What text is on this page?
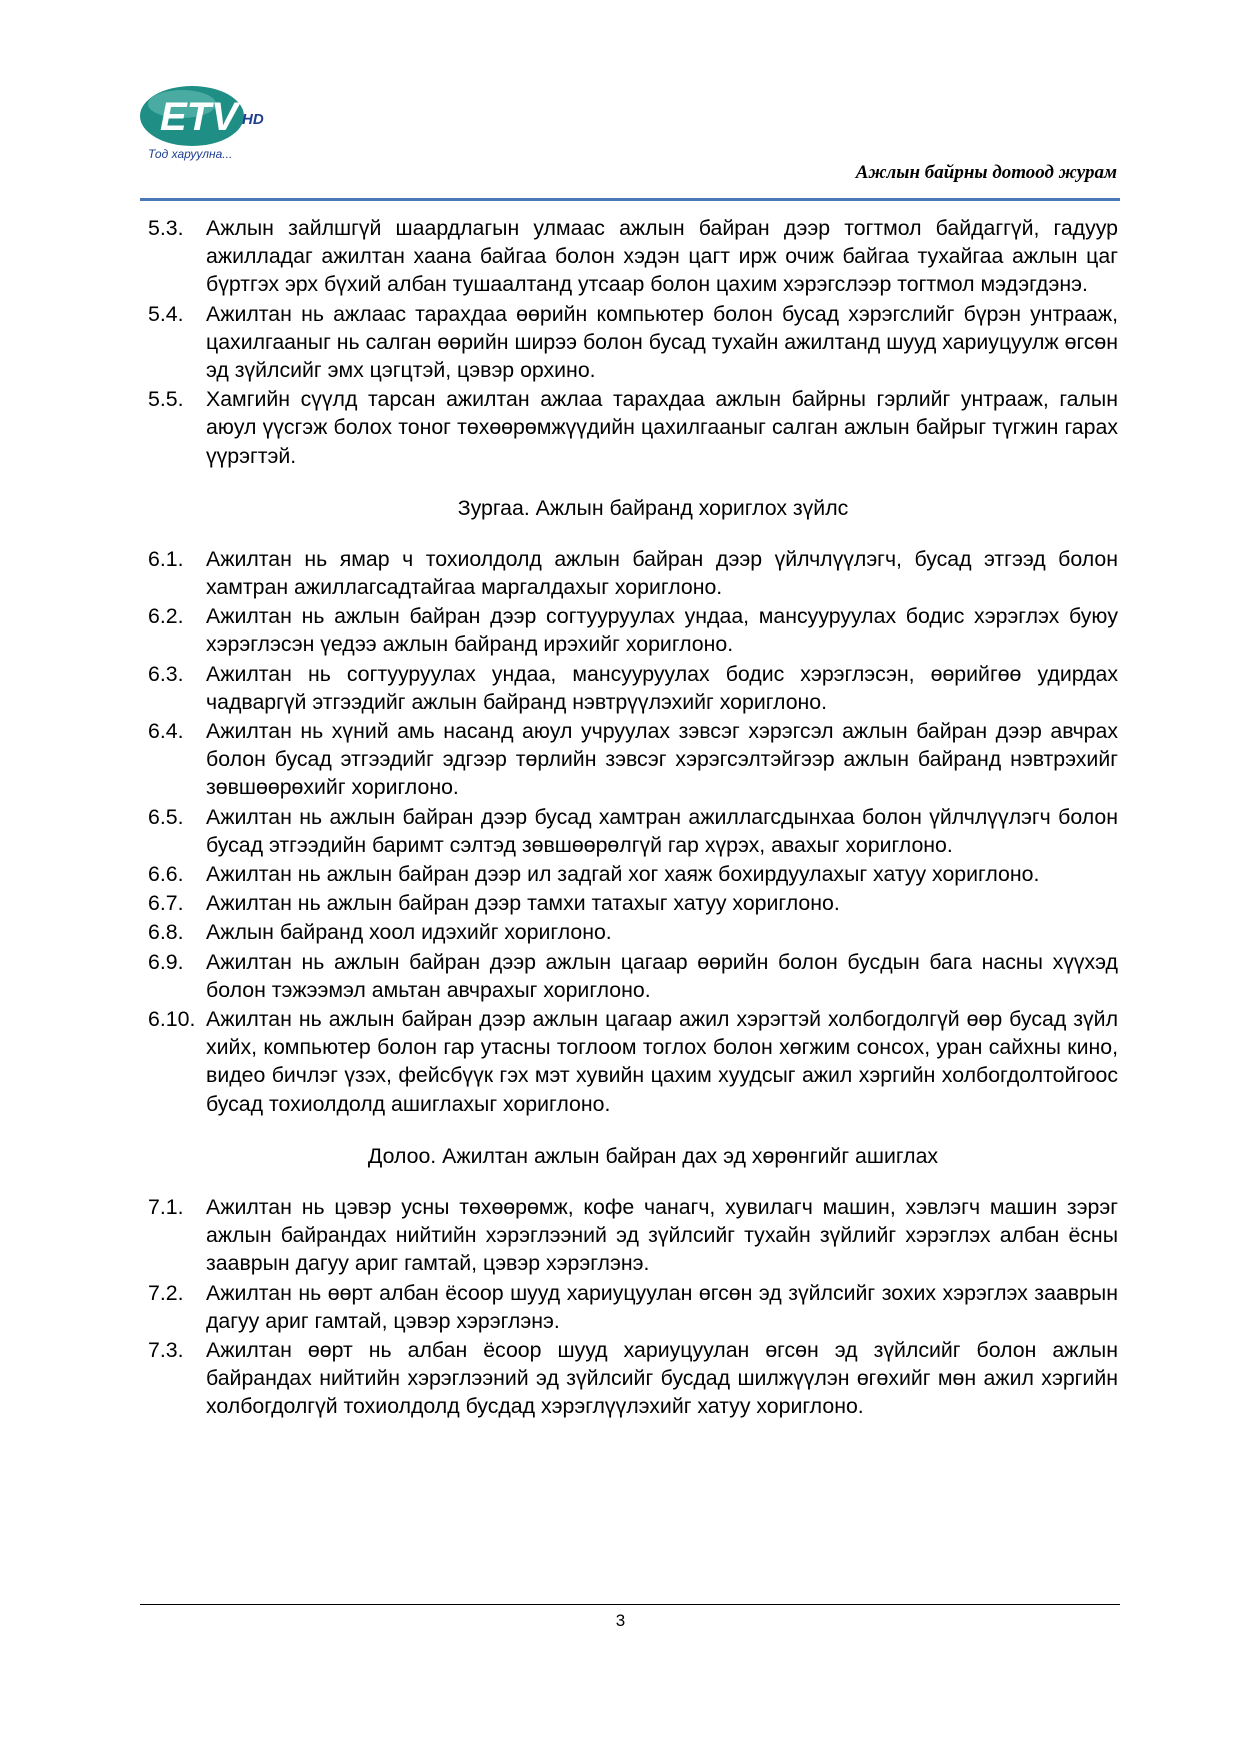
ETV HD
Тод харуулна...
Ажлын байрны дотоод журам
5.3.	Ажлын зайлшгүй шаардлагын улмаас ажлын байран дээр тогтмол байдаггүй, гадуур ажилладаг ажилтан хаана байгаа болон хэдэн цагт ирж очиж байгаа тухайгаа ажлын цаг бүртгэх эрх бүхий албан тушаалтанд утсаар болон цахим хэрэгслээр тогтмол мэдэгдэнэ.
5.4.	Ажилтан нь ажлаас тарахдаа өөрийн компьютер болон бусад хэрэгслийг бүрэн унтрааж, цахилгааныг нь салган өөрийн ширээ болон бусад тухайн ажилтанд шууд хариуцуулж өгсөн эд зүйлсийг эмх цэгцтэй, цэвэр орхино.
5.5.	Хамгийн сүүлд тарсан ажилтан ажлаа тарахдаа ажлын байрны гэрлийг унтрааж, галын аюул үүсгэж болох тоног төхөөрөмжүүдийн цахилгааныг салган ажлын байрыг түгжин гарах үүрэгтэй.
Зургаа. Ажлын байранд хориглох зүйлс
6.1.	Ажилтан нь ямар ч тохиолдолд ажлын байран дээр үйлчлүүлэгч, бусад этгээд болон хамтран ажиллагсадтайгаа маргалдахыг хориглоно.
6.2.	Ажилтан нь ажлын байран дээр согтууруулах ундаа, мансууруулах бодис хэрэглэх буюу хэрэглэсэн үедээ ажлын байранд ирэхийг хориглоно.
6.3.	Ажилтан нь согтууруулах ундаа, мансууруулах бодис хэрэглэсэн, өөрийгөө удирдах чадваргүй этгээдийг ажлын байранд нэвтрүүлэхийг хориглоно.
6.4.	Ажилтан нь хүний амь насанд аюул учруулах зэвсэг хэрэгсэл ажлын байран дээр авчрах болон бусад этгээдийг эдгээр төрлийн зэвсэг хэрэгсэлтэйгээр ажлын байранд нэвтрэхийг зөвшөөрөхийг хориглоно.
6.5.	Ажилтан нь ажлын байран дээр бусад хамтран ажиллагсдынхаа болон үйлчлүүлэгч болон бусад этгээдийн баримт сэлтэд зөвшөөрөлгүй гар хүрэх, авахыг хориглоно.
6.6.	Ажилтан нь ажлын байран дээр ил задгай хог хаяж бохирдуулахыг хатуу хориглоно.
6.7.	Ажилтан нь ажлын байран дээр тамхи татахыг хатуу хориглоно.
6.8.	Ажлын байранд хоол идэхийг хориглоно.
6.9.	Ажилтан нь ажлын байран дээр ажлын цагаар өөрийн болон бусдын бага насны хүүхэд болон тэжээмэл амьтан авчрахыг хориглоно.
6.10. Ажилтан нь ажлын байран дээр ажлын цагаар ажил хэрэгтэй холбогдолгүй өөр бусад зүйл хийх, компьютер болон гар утасны тоглоом тоглох болон хөгжим сонсох, уран сайхны кино, видео бичлэг үзэх, фейсбүүк гэх мэт хувийн цахим хуудсыг ажил хэргийн холбогдолтойгоос бусад тохиолдолд ашиглахыг хориглоно.
Долоо. Ажилтан ажлын байран дах эд хөрөнгийг ашиглах
7.1.	Ажилтан нь цэвэр усны төхөөрөмж, кофе чанагч, хувилагч машин, хэвлэгч машин зэрэг ажлын байрандах нийтийн хэрэглээний эд зүйлсийг тухайн зүйлийг хэрэглэх албан ёсны зааврын дагуу ариг гамтай, цэвэр хэрэглэнэ.
7.2.	Ажилтан нь өөрт албан ёсоор шууд хариуцуулан өгсөн эд зүйлсийг зохих хэрэглэх зааврын дагуу ариг гамтай, цэвэр хэрэглэнэ.
7.3.	Ажилтан өөрт нь албан ёсоор шууд хариуцуулан өгсөн эд зүйлсийг болон ажлын байрандах нийтийн хэрэглээний эд зүйлсийг бусдад шилжүүлэн өгөхийг мөн ажил хэргийн холбогдолгүй тохиолдолд бусдад хэрэглүүлэхийг хатуу хориглоно.
3
